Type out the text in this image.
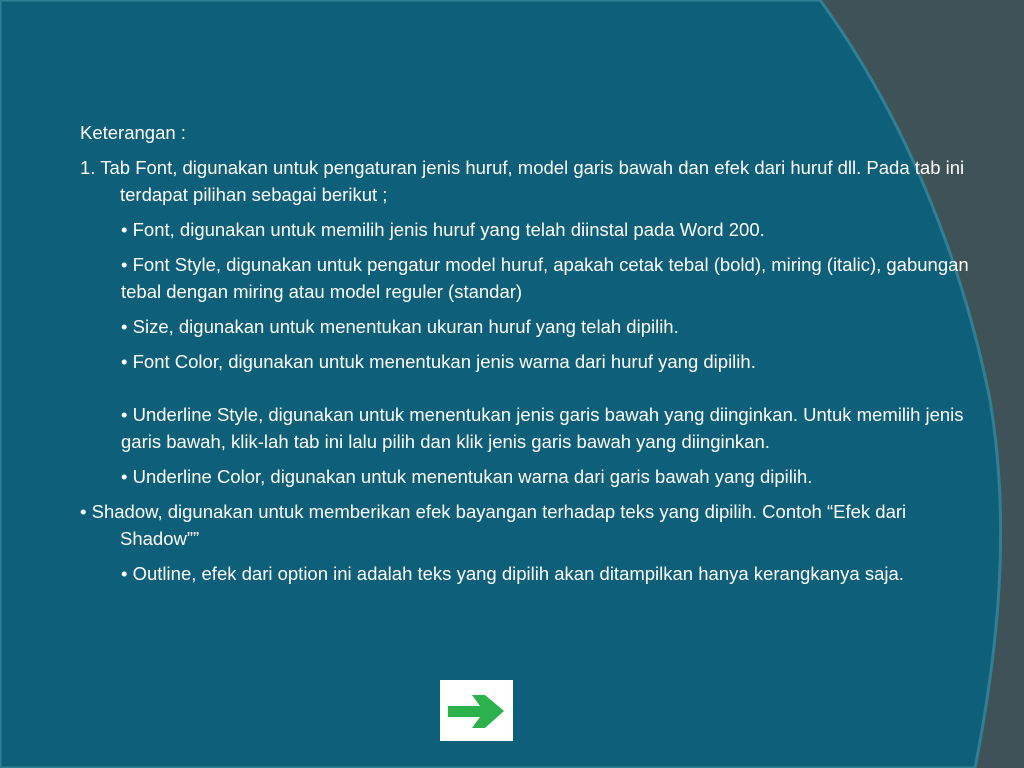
Keterangan :
1. Tab Font, digunakan untuk pengaturan jenis huruf, model garis bawah dan efek dari huruf dll. Pada tab ini terdapat pilihan sebagai berikut ;
• Font, digunakan untuk memilih jenis huruf yang telah diinstal pada Word 200.
• Font Style, digunakan untuk pengatur model huruf, apakah cetak tebal (bold), miring (italic), gabungan tebal dengan miring atau model reguler (standar)
• Size, digunakan untuk menentukan ukuran huruf yang telah dipilih.
• Font Color, digunakan untuk menentukan jenis warna dari huruf yang dipilih.
• Underline Style, digunakan untuk menentukan jenis garis bawah yang diinginkan. Untuk memilih jenis garis bawah, klik-lah tab ini lalu pilih dan klik jenis garis bawah yang diinginkan.
• Underline Color, digunakan untuk menentukan warna dari garis bawah yang dipilih.
• Shadow, digunakan untuk memberikan efek bayangan terhadap teks yang dipilih. Contoh “Efek dari Shadow””
• Outline, efek dari option ini adalah teks yang dipilih akan ditampilkan hanya kerangkanya saja.
